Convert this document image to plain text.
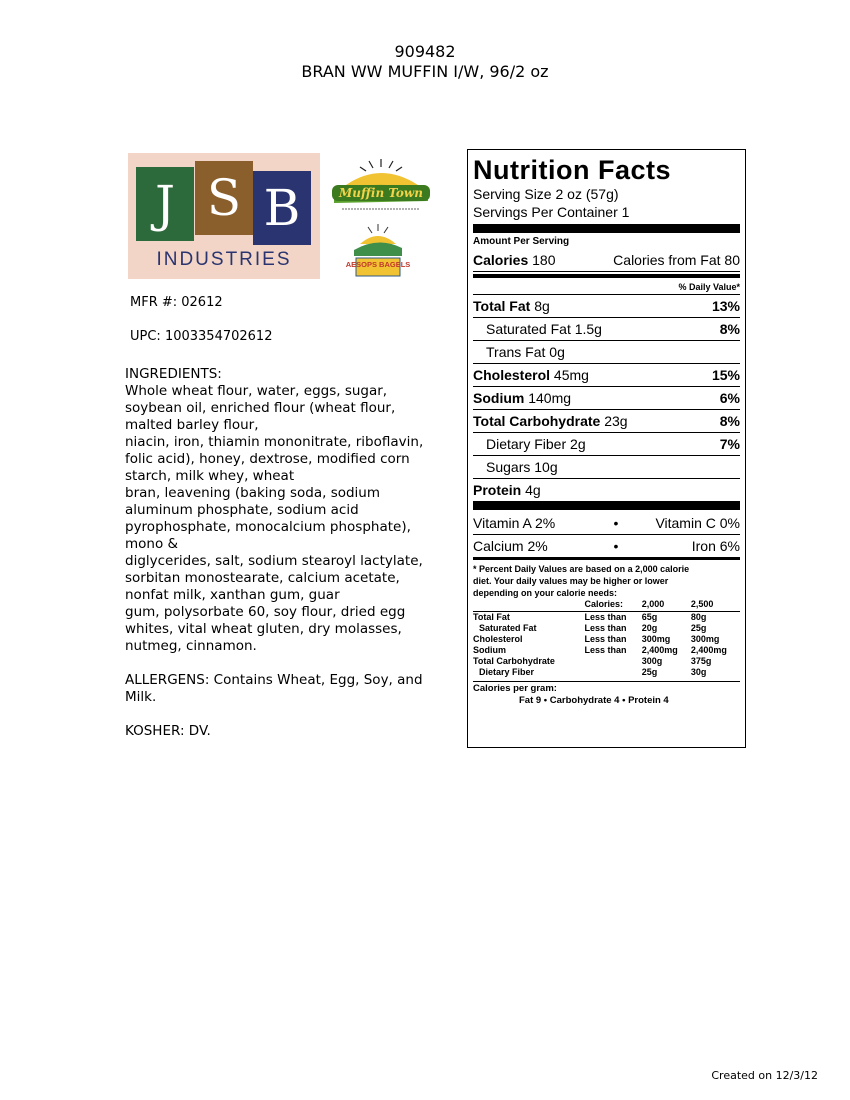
909482
BRAN WW MUFFIN I/W, 96/2 oz
J S B
INDUSTRIES
Muffin Town
AESOPS BAGELS
MFR #: 02612
UPC: 1003354702612

INGREDIENTS:

Whole wheat flour, water, eggs, sugar,

soybean oil, enriched flour (wheat flour,

malted barley flour,

niacin, iron, thiamin mononitrate, riboflavin,

folic acid), honey, dextrose, modified corn

starch, milk whey, wheat

bran, leavening (baking soda, sodium

aluminum phosphate, sodium acid

pyrophosphate, monocalcium phosphate),

mono &

diglycerides, salt, sodium stearoyl lactylate,

sorbitan monostearate, calcium acetate,

nonfat milk, xanthan gum, guar

gum, polysorbate 60, soy flour, dried egg

whites, vital wheat gluten, dry molasses,

nutmeg, cinnamon.

ALLERGENS: Contains Wheat, Egg, Soy, and

Milk.

KOSHER: DV.

Nutrition Facts
Serving Size 2 oz (57g)
Servings Per Container 1
Amount Per Serving
Calories 180	Calories from Fat 80
% Daily Value*
Total Fat 8g	13%
Saturated Fat 1.5g	8%
Trans Fat 0g
Cholesterol 45mg	15%
Sodium 140mg	6%
Total Carbohydrate 23g	8%
Dietary Fiber 2g	7%
Sugars 10g
Protein 4g
Vitamin A 2%	•	Vitamin C 0%
Calcium 2%	•	Iron 6%
* Percent Daily Values are based on a 2,000 calorie
diet. Your daily values may be higher or lower
depending on your calorie needs:
	Calories:	2,000	2,500
Total Fat	Less than	65g	80g
Saturated Fat	Less than	20g	25g
Cholesterol	Less than	300mg	300mg
Sodium	Less than	2,400mg	2,400mg
Total Carbohydrate		300g	375g
Dietary Fiber		25g	30g
Calories per gram:
Fat 9 • Carbohydrate 4 • Protein 4
Created on 12/3/12
